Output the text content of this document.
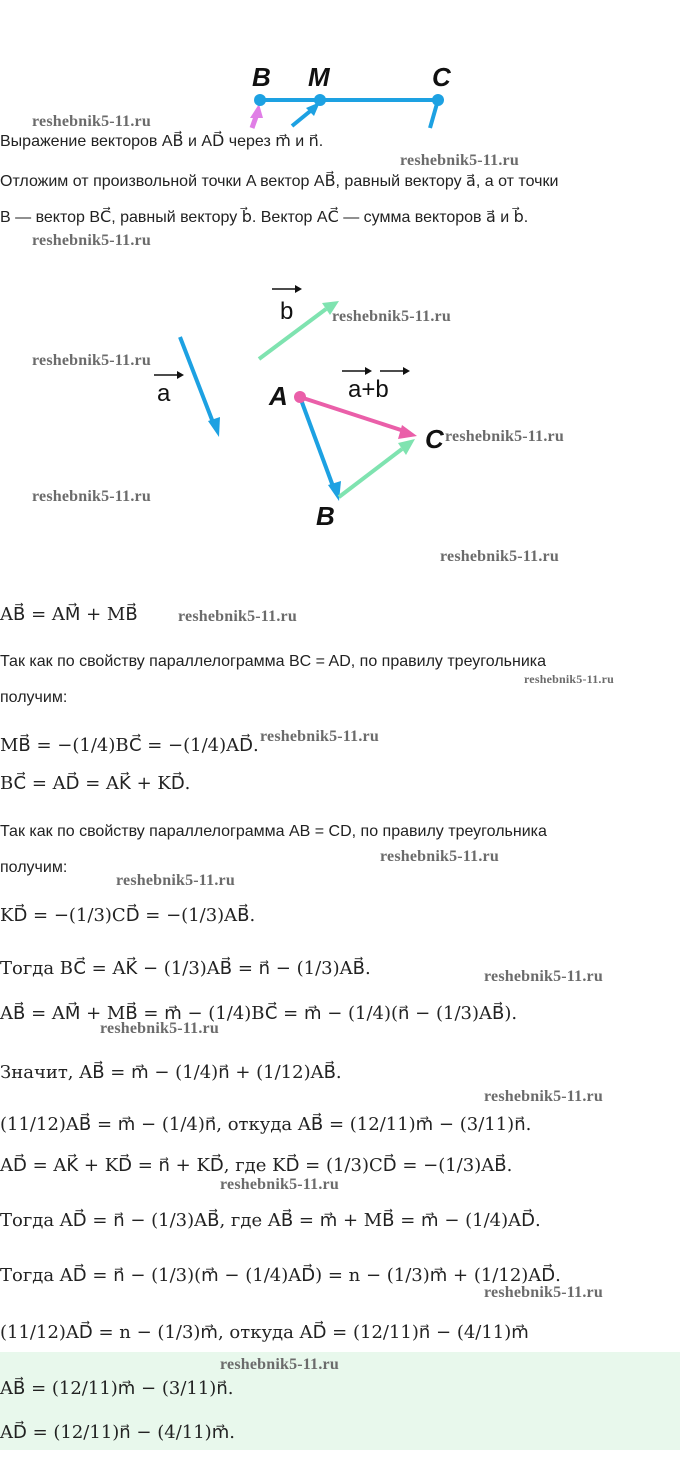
B M	C
reshebnik5-11.ru
Выражение векторов AB⃗ и AD⃗ через m⃗ и n⃗.
reshebnik5-11.ru
Отложим от произвольной точки A вектор AB⃗, равный вектору a⃗, а от точки
B — вектор BC⃗, равный вектору b⃗. Вектор AC⃗ — сумма векторов a⃗ и b⃗.
reshebnik5-11.ru
a
b
a+b
A
B
C
reshebnik5-11.ru
reshebnik5-11.ru
reshebnik5-11.ru
reshebnik5-11.ru
reshebnik5-11.ru
AB⃗ = AM⃗ + MB⃗	reshebnik5-11.ru
Так как по свойству параллелограмма BC = AD, по правилу треугольника
reshebnik5-11.ru
получим:
MB⃗ = −(1/4)BC⃗ = −(1/4)AD⃗. reshebnik5-11.ru
BC⃗ = AD⃗ = AK⃗ + KD⃗.
Так как по свойству параллелограмма AB = CD, по правилу треугольника
reshebnik5-11.ru
получим:
reshebnik5-11.ru
KD⃗ = −(1/3)CD⃗ = −(1/3)AB⃗.
Тогда BC⃗ = AK⃗ − (1/3)AB⃗ = n⃗ − (1/3)AB⃗.	reshebnik5-11.ru
AB⃗ = AM⃗ + MB⃗ = m⃗ − (1/4)BC⃗ = m⃗ − (1/4)(n⃗ − (1/3)AB⃗).
reshebnik5-11.ru
Значит, AB⃗ = m⃗ − (1/4)n⃗ + (1/12)AB⃗.
reshebnik5-11.ru
(11/12)AB⃗ = m⃗ − (1/4)n⃗, откуда AB⃗ = (12/11)m⃗ − (3/11)n⃗.
AD⃗ = AK⃗ + KD⃗ = n⃗ + KD⃗, где KD⃗ = (1/3)CD⃗ = −(1/3)AB⃗.
reshebnik5-11.ru
Тогда AD⃗ = n⃗ − (1/3)AB⃗, где AB⃗ = m⃗ + MB⃗ = m⃗ − (1/4)AD⃗.
Тогда AD⃗ = n⃗ − (1/3)(m⃗ − (1/4)AD⃗) = n − (1/3)m⃗ + (1/12)AD⃗.
reshebnik5-11.ru
(11/12)AD⃗ = n − (1/3)m⃗, откуда AD⃗ = (12/11)n⃗ − (4/11)m⃗
AB⃗ = (12/11)m⃗ − (3/11)n⃗.
reshebnik5-11.ru
AD⃗ = (12/11)n⃗ − (4/11)m⃗.
